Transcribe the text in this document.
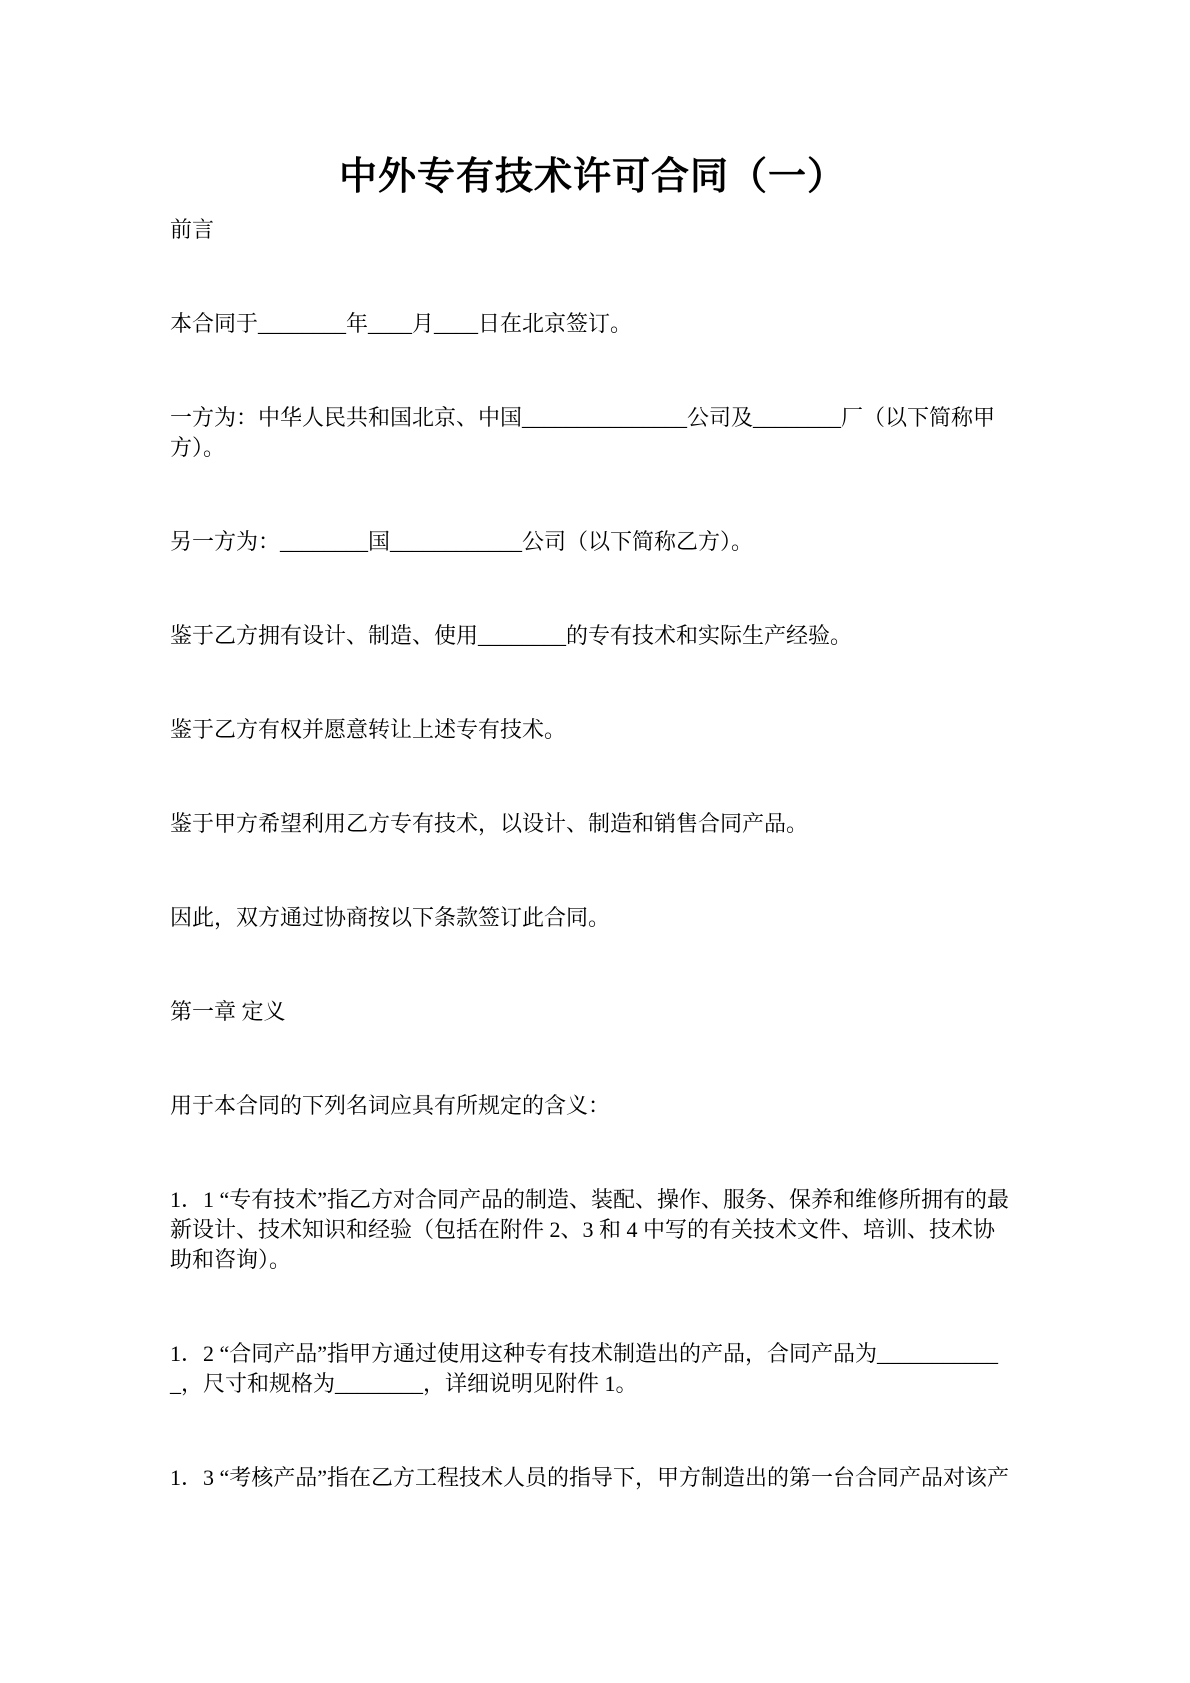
中外专有技术许可合同（一）

前言

本合同于________年____月____日在北京签订。

一方为：中华人民共和国北京、中国_______________公司及________厂（以下简称甲方）。

另一方为：________国____________公司（以下简称乙方）。

鉴于乙方拥有设计、制造、使用________的专有技术和实际生产经验。

鉴于乙方有权并愿意转让上述专有技术。

鉴于甲方希望利用乙方专有技术，以设计、制造和销售合同产品。

因此，双方通过协商按以下条款签订此合同。

第一章 定义

用于本合同的下列名词应具有所规定的含义：

1．1 “专有技术”指乙方对合同产品的制造、装配、操作、服务、保养和维修所拥有的最新设计、技术知识和经验（包括在附件 2、3 和 4 中写的有关技术文件、培训、技术协助和咨询）。

1．2 “合同产品”指甲方通过使用这种专有技术制造出的产品，合同产品为____________，尺寸和规格为________，详细说明见附件 1。

1．3 “考核产品”指在乙方工程技术人员的指导下，甲方制造出的第一台合同产品对该产
